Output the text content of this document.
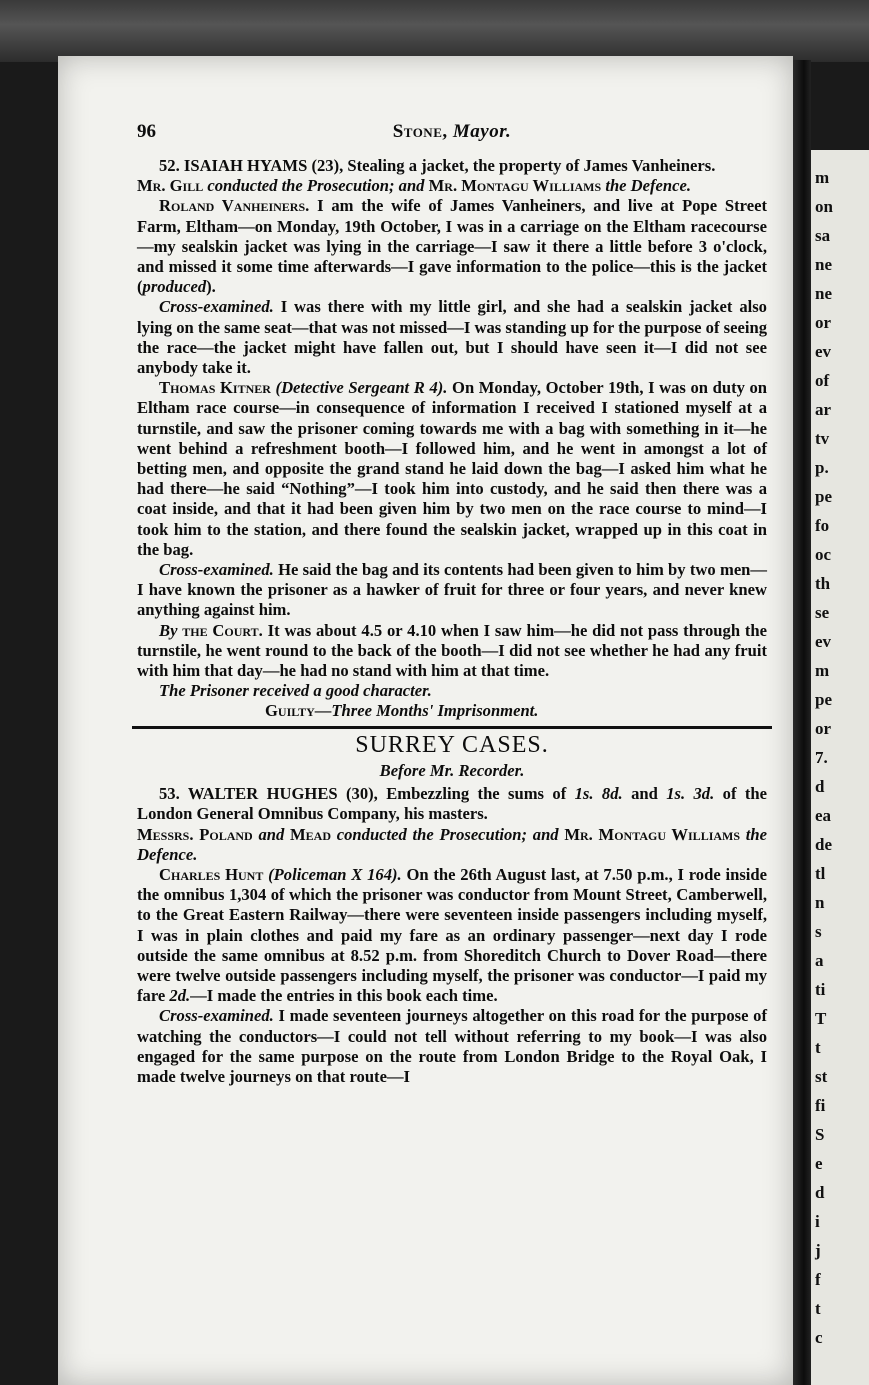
m
on
sa
ne
ne
or
ev
of
ar
tv
p.
pe
fo
oc
th
se
ev
m
pe
or
7.
d
ea
de
tl
n
s
a
ti
T
t
st
fi
S
e
d
i
j
f
t
c
96	Stone, Mayor.

52. ISAIAH HYAMS (23), Stealing a jacket, the property of James Vanheiners.

Mr. Gill conducted the Prosecution; and Mr. Montagu Williams the Defence.

Roland Vanheiners. I am the wife of James Vanheiners, and live at Pope Street Farm, Eltham—on Monday, 19th October, I was in a carriage on the Eltham racecourse—my sealskin jacket was lying in the carriage—I saw it there a little before 3 o'clock, and missed it some time afterwards—I gave information to the police—this is the jacket (produced).

Cross-examined. I was there with my little girl, and she had a sealskin jacket also lying on the same seat—that was not missed—I was standing up for the purpose of seeing the race—the jacket might have fallen out, but I should have seen it—I did not see anybody take it.

Thomas Kitner (Detective Sergeant R 4). On Monday, October 19th, I was on duty on Eltham race course—in consequence of information I received I stationed myself at a turnstile, and saw the prisoner coming towards me with a bag with something in it—he went behind a refreshment booth—I followed him, and he went in amongst a lot of betting men, and opposite the grand stand he laid down the bag—I asked him what he had there—he said “Nothing”—I took him into custody, and he said then there was a coat inside, and that it had been given him by two men on the race course to mind—I took him to the station, and there found the sealskin jacket, wrapped up in this coat in the bag.

Cross-examined. He said the bag and its contents had been given to him by two men—I have known the prisoner as a hawker of fruit for three or four years, and never knew anything against him.

By the Court. It was about 4.5 or 4.10 when I saw him—he did not pass through the turnstile, he went round to the back of the booth—I did not see whether he had any fruit with him that day—he had no stand with him at that time.

The Prisoner received a good character.

Guilty—Three Months' Imprisonment.

SURREY CASES.
Before Mr. Recorder.

53. WALTER HUGHES (30), Embezzling the sums of 1s. 8d. and 1s. 3d. of the London General Omnibus Company, his masters.

Messrs. Poland and Mead conducted the Prosecution; and Mr. Montagu Williams the Defence.

Charles Hunt (Policeman X 164). On the 26th August last, at 7.50 p.m., I rode inside the omnibus 1,304 of which the prisoner was conductor from Mount Street, Camberwell, to the Great Eastern Railway—there were seventeen inside passengers including myself, I was in plain clothes and paid my fare as an ordinary passenger—next day I rode outside the same omnibus at 8.52 p.m. from Shoreditch Church to Dover Road—there were twelve outside passengers including myself, the prisoner was conductor—I paid my fare 2d.—I made the entries in this book each time.

Cross-examined. I made seventeen journeys altogether on this road for the purpose of watching the conductors—I could not tell without referring to my book—I was also engaged for the same purpose on the route from London Bridge to the Royal Oak, I made twelve journeys on that route—I
